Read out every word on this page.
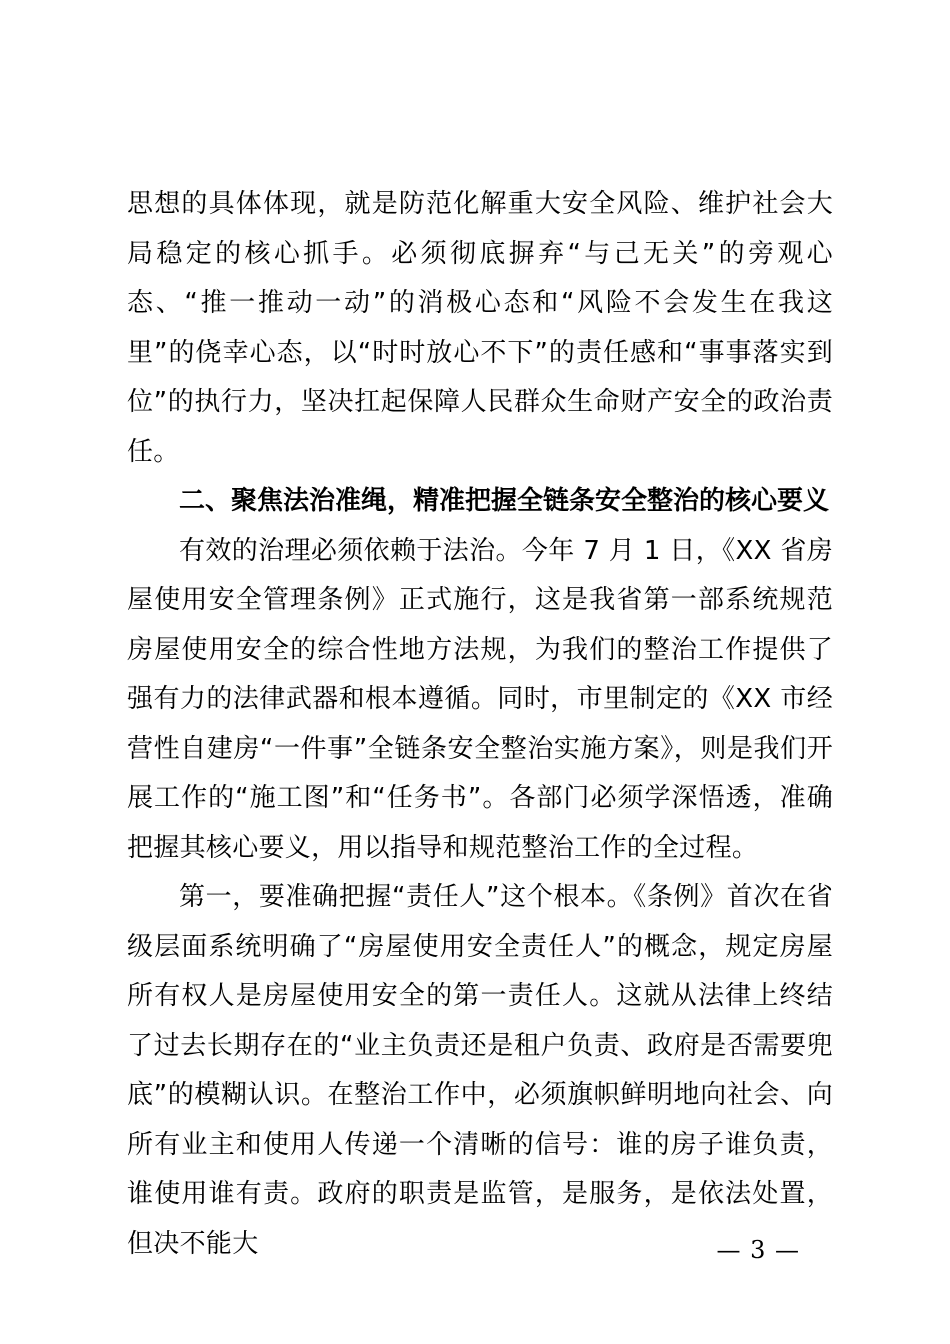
思想的具体体现，就是防范化解重大安全风险、维护社会大局稳定的核心抓手。必须彻底摒弃“与己无关”的旁观心态、“推一推动一动”的消极心态和“风险不会发生在我这里”的侥幸心态，以“时时放心不下”的责任感和“事事落实到位”的执行力，坚决扛起保障人民群众生命财产安全的政治责任。

二、聚焦法治准绳，精准把握全链条安全整治的核心要义

有效的治理必须依赖于法治。今年 7 月 1 日，《XX 省房屋使用安全管理条例》正式施行，这是我省第一部系统规范房屋使用安全的综合性地方法规，为我们的整治工作提供了强有力的法律武器和根本遵循。同时，市里制定的《XX 市经营性自建房“一件事”全链条安全整治实施方案》，则是我们开展工作的“施工图”和“任务书”。各部门必须学深悟透，准确把握其核心要义，用以指导和规范整治工作的全过程。

第一，要准确把握“责任人”这个根本。《条例》首次在省级层面系统明确了“房屋使用安全责任人”的概念，规定房屋所有权人是房屋使用安全的第一责任人。这就从法律上终结了过去长期存在的“业主负责还是租户负责、政府是否需要兜底”的模糊认识。在整治工作中，必须旗帜鲜明地向社会、向所有业主和使用人传递一个清晰的信号：谁的房子谁负责，谁使用谁有责。政府的职责是监管，是服务，是依法处置，但决不能大	— 3 —
